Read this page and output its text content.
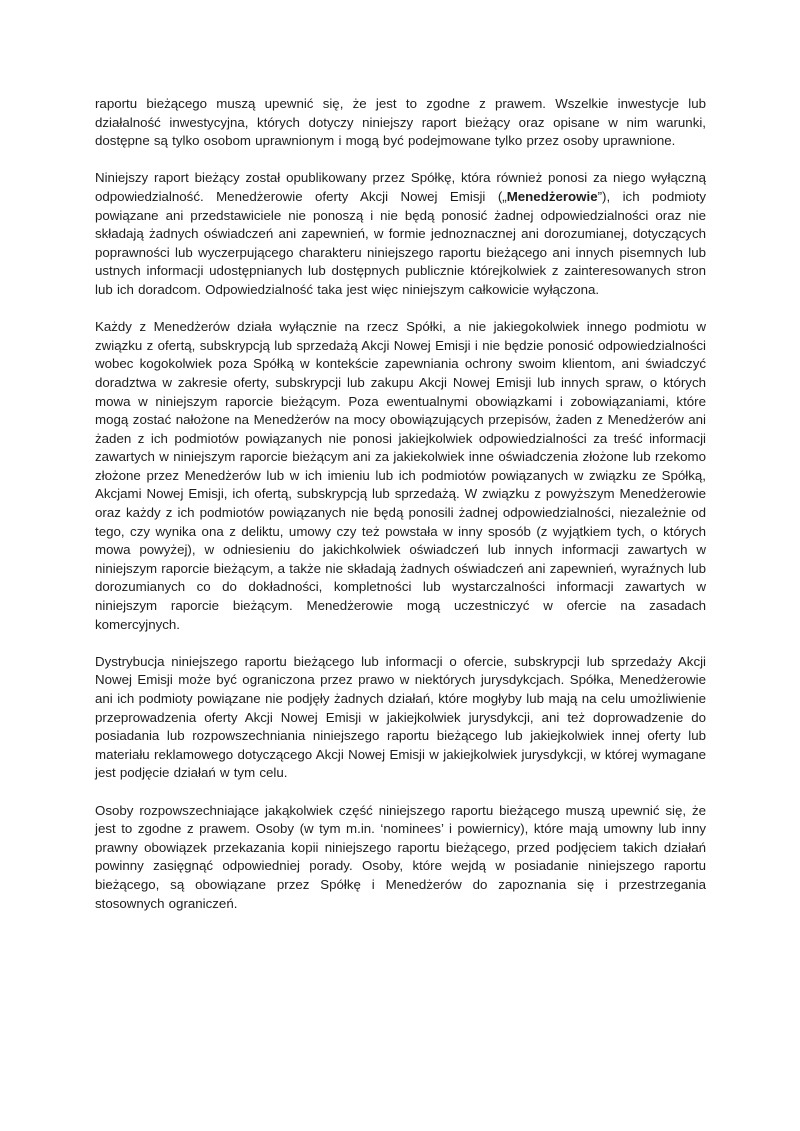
raportu bieżącego muszą upewnić się, że jest to zgodne z prawem. Wszelkie inwestycje lub działalność inwestycyjna, których dotyczy niniejszy raport bieżący oraz opisane w nim warunki, dostępne są tylko osobom uprawnionym i mogą być podejmowane tylko przez osoby uprawnione.

Niniejszy raport bieżący został opublikowany przez Spółkę, która również ponosi za niego wyłączną odpowiedzialność. Menedżerowie oferty Akcji Nowej Emisji („Menedżerowie”), ich podmioty powiązane ani przedstawiciele nie ponoszą i nie będą ponosić żadnej odpowiedzialności oraz nie składają żadnych oświadczeń ani zapewnień, w formie jednoznacznej ani dorozumianej, dotyczących poprawności lub wyczerpującego charakteru niniejszego raportu bieżącego ani innych pisemnych lub ustnych informacji udostępnianych lub dostępnych publicznie którejkolwiek z zainteresowanych stron lub ich doradcom. Odpowiedzialność taka jest więc niniejszym całkowicie wyłączona.

Każdy z Menedżerów działa wyłącznie na rzecz Spółki, a nie jakiegokolwiek innego podmiotu w związku z ofertą, subskrypcją lub sprzedażą Akcji Nowej Emisji i nie będzie ponosić odpowiedzialności wobec kogokolwiek poza Spółką w kontekście zapewniania ochrony swoim klientom, ani świadczyć doradztwa w zakresie oferty, subskrypcji lub zakupu Akcji Nowej Emisji lub innych spraw, o których mowa w niniejszym raporcie bieżącym. Poza ewentualnymi obowiązkami i zobowiązaniami, które mogą zostać nałożone na Menedżerów na mocy obowiązujących przepisów, żaden z Menedżerów ani żaden z ich podmiotów powiązanych nie ponosi jakiejkolwiek odpowiedzialności za treść informacji zawartych w niniejszym raporcie bieżącym ani za jakiekolwiek inne oświadczenia złożone lub rzekomo złożone przez Menedżerów lub w ich imieniu lub ich podmiotów powiązanych w związku ze Spółką, Akcjami Nowej Emisji, ich ofertą, subskrypcją lub sprzedażą. W związku z powyższym Menedżerowie oraz każdy z ich podmiotów powiązanych nie będą ponosili żadnej odpowiedzialności, niezależnie od tego, czy wynika ona z deliktu, umowy czy też powstała w inny sposób (z wyjątkiem tych, o których mowa powyżej), w odniesieniu do jakichkolwiek oświadczeń lub innych informacji zawartych w niniejszym raporcie bieżącym, a także nie składają żadnych oświadczeń ani zapewnień, wyraźnych lub dorozumianych co do dokładności, kompletności lub wystarczalności informacji zawartych w niniejszym raporcie bieżącym. Menedżerowie mogą uczestniczyć w ofercie na zasadach komercyjnych.

Dystrybucja niniejszego raportu bieżącego lub informacji o ofercie, subskrypcji lub sprzedaży Akcji Nowej Emisji może być ograniczona przez prawo w niektórych jurysdykcjach. Spółka, Menedżerowie ani ich podmioty powiązane nie podjęły żadnych działań, które mogłyby lub mają na celu umożliwienie przeprowadzenia oferty Akcji Nowej Emisji w jakiejkolwiek jurysdykcji, ani też doprowadzenie do posiadania lub rozpowszechniania niniejszego raportu bieżącego lub jakiejkolwiek innej oferty lub materiału reklamowego dotyczącego Akcji Nowej Emisji w jakiejkolwiek jurysdykcji, w której wymagane jest podjęcie działań w tym celu.

Osoby rozpowszechniające jakąkolwiek część niniejszego raportu bieżącego muszą upewnić się, że jest to zgodne z prawem. Osoby (w tym m.in. ‘nominees’ i powiernicy), które mają umowny lub inny prawny obowiązek przekazania kopii niniejszego raportu bieżącego, przed podjęciem takich działań powinny zasięgnąć odpowiedniej porady. Osoby, które wejdą w posiadanie niniejszego raportu bieżącego, są obowiązane przez Spółkę i Menedżerów do zapoznania się i przestrzegania stosownych ograniczeń.
